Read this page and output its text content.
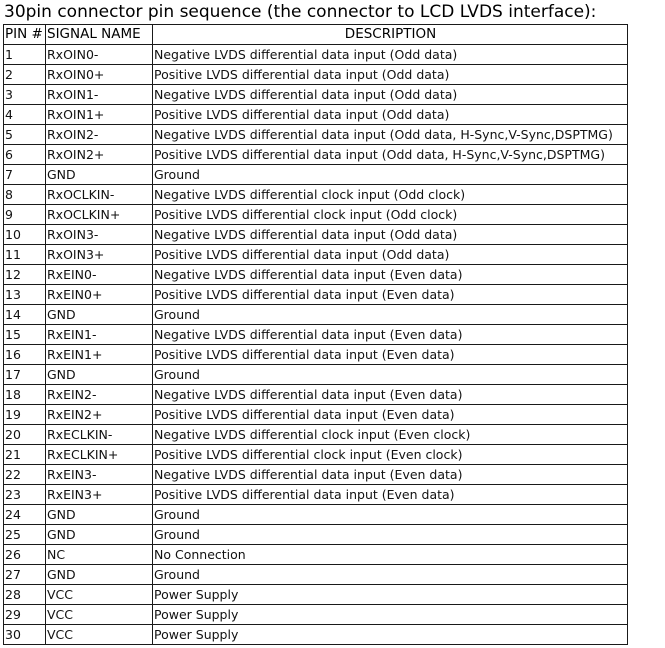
30pin connector pin sequence (the connector to LCD LVDS interface):
PIN #	SIGNAL NAME	DESCRIPTION
1	RxOIN0-	Negative LVDS differential data input (Odd data)
2	RxOIN0+	Positive LVDS differential data input (Odd data)
3	RxOIN1-	Negative LVDS differential data input (Odd data)
4	RxOIN1+	Positive LVDS differential data input (Odd data)
5	RxOIN2-	Negative LVDS differential data input (Odd data, H-Sync,V-Sync,DSPTMG)
6	RxOIN2+	Positive LVDS differential data input (Odd data, H-Sync,V-Sync,DSPTMG)
7	GND	Ground
8	RxOCLKIN-	Negative LVDS differential clock input (Odd clock)
9	RxOCLKIN+	Positive LVDS differential clock input (Odd clock)
10	RxOIN3-	Negative LVDS differential data input (Odd data)
11	RxOIN3+	Positive LVDS differential data input (Odd data)
12	RxEIN0-	Negative LVDS differential data input (Even data)
13	RxEIN0+	Positive LVDS differential data input (Even data)
14	GND	Ground
15	RxEIN1-	Negative LVDS differential data input (Even data)
16	RxEIN1+	Positive LVDS differential data input (Even data)
17	GND	Ground
18	RxEIN2-	Negative LVDS differential data input (Even data)
19	RxEIN2+	Positive LVDS differential data input (Even data)
20	RxECLKIN-	Negative LVDS differential clock input (Even clock)
21	RxECLKIN+	Positive LVDS differential clock input (Even clock)
22	RxEIN3-	Negative LVDS differential data input (Even data)
23	RxEIN3+	Positive LVDS differential data input (Even data)
24	GND	Ground
25	GND	Ground
26	NC	No Connection
27	GND	Ground
28	VCC	Power Supply
29	VCC	Power Supply
30	VCC	Power Supply
